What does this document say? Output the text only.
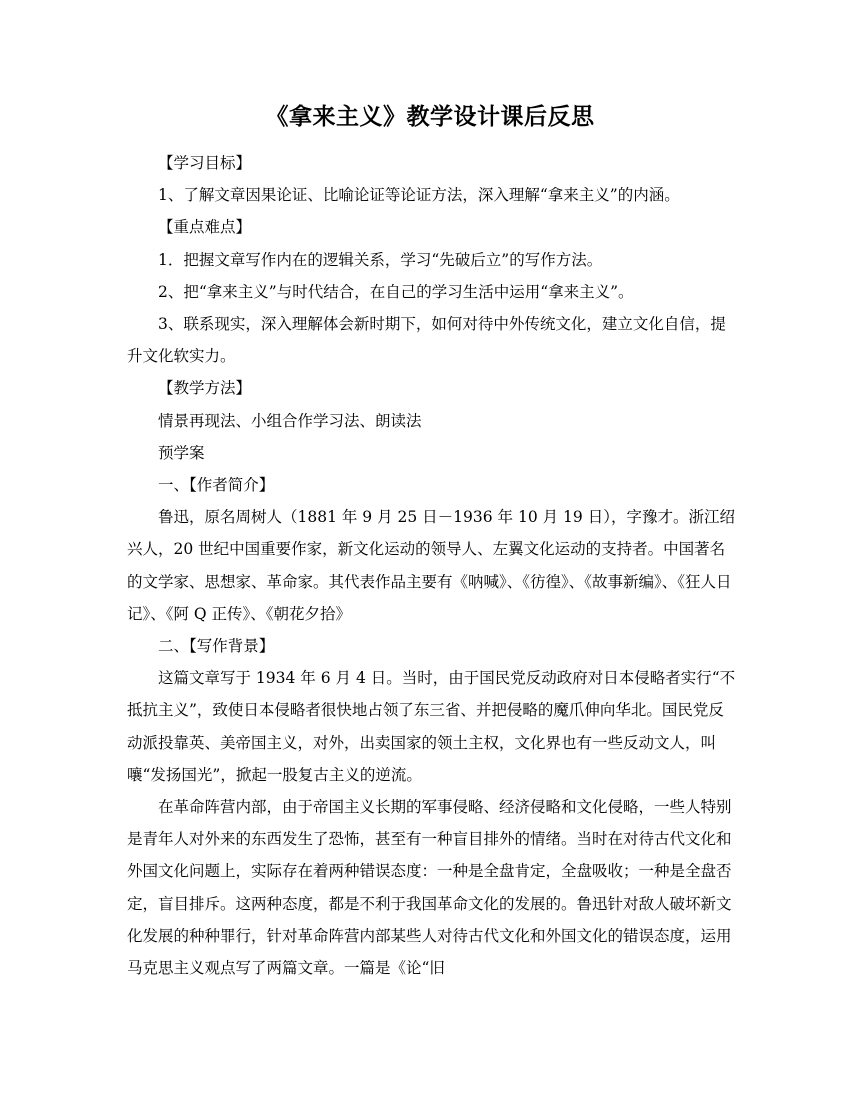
《拿来主义》教学设计课后反思

【学习目标】

1、了解文章因果论证、比喻论证等论证方法，深入理解“拿来主义”的内涵。

【重点难点】

1．把握文章写作内在的逻辑关系，学习“先破后立”的写作方法。

2、把“拿来主义”与时代结合，在自己的学习生活中运用“拿来主义”。

3、联系现实，深入理解体会新时期下，如何对待中外传统文化，建立文化自信，提升文化软实力。

【教学方法】

情景再现法、小组合作学习法、朗读法

预学案

一、【作者简介】

鲁迅，原名周树人（1881 年 9 月 25 日－1936 年 10 月 19 日），字豫才。浙江绍兴人，20 世纪中国重要作家，新文化运动的领导人、左翼文化运动的支持者。中国著名的文学家、思想家、革命家。其代表作品主要有《呐喊》、《彷徨》、《故事新编》、《狂人日记》、《阿 Q 正传》、《朝花夕拾》

二、【写作背景】

这篇文章写于 1934 年 6 月 4 日。当时，由于国民党反动政府对日本侵略者实行“不抵抗主义”，致使日本侵略者很快地占领了东三省、并把侵略的魔爪伸向华北。国民党反动派投靠英、美帝国主义，对外，出卖国家的领土主权，文化界也有一些反动文人，叫嚷“发扬国光”，掀起一股复古主义的逆流。

在革命阵营内部，由于帝国主义长期的军事侵略、经济侵略和文化侵略，一些人特别是青年人对外来的东西发生了恐怖，甚至有一种盲目排外的情绪。当时在对待古代文化和外国文化问题上，实际存在着两种错误态度：一种是全盘肯定，全盘吸收；一种是全盘否定，盲目排斥。这两种态度，都是不利于我国革命文化的发展的。鲁迅针对敌人破坏新文化发展的种种罪行，针对革命阵营内部某些人对待古代文化和外国文化的错误态度，运用马克思主义观点写了两篇文章。一篇是《论“旧
